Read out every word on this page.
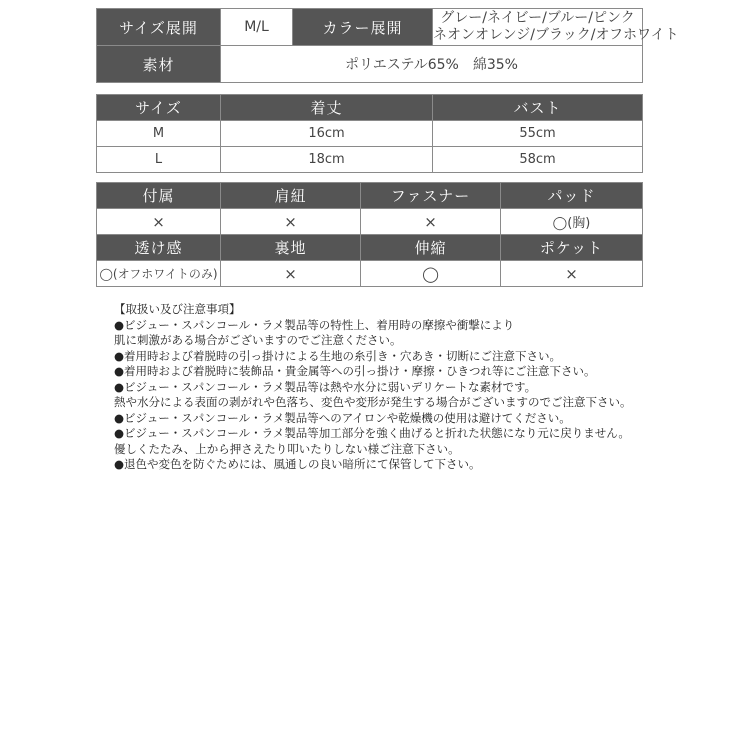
サイズ展開	M/L	カラー展開	グレー/ネイビー/ブルー/ピンク
ネオンオレンジ/ブラック/オフホワイト

素材	ポリエステル65%　綿35%		
サイズ	着丈	バスト
M	16cm	55cm
L	18cm	58cm
付属	肩紐	ファスナー	パッド
×	×	×	◯(胸)
透け感	裏地	伸縮	ポケット
◯(オフホワイトのみ)	×	◯	×
【取扱い及び注意事項】
●ビジュー・スパンコール・ラメ製品等の特性上、着用時の摩擦や衝撃により
肌に刺激がある場合がございますのでご注意ください。
●着用時および着脱時の引っ掛けによる生地の糸引き・穴あき・切断にご注意下さい。
●着用時および着脱時に装飾品・貴金属等への引っ掛け・摩擦・ひきつれ等にご注意下さい。
●ビジュー・スパンコール・ラメ製品等は熱や水分に弱いデリケートな素材です。
熱や水分による表面の剥がれや色落ち、変色や変形が発生する場合がございますのでご注意下さい。
●ビジュー・スパンコール・ラメ製品等へのアイロンや乾燥機の使用は避けてください。
●ビジュー・スパンコール・ラメ製品等加工部分を強く曲げると折れた状態になり元に戻りません。
優しくたたみ、上から押さえたり叩いたりしない様ご注意下さい。
●退色や変色を防ぐためには、風通しの良い暗所にて保管して下さい。
